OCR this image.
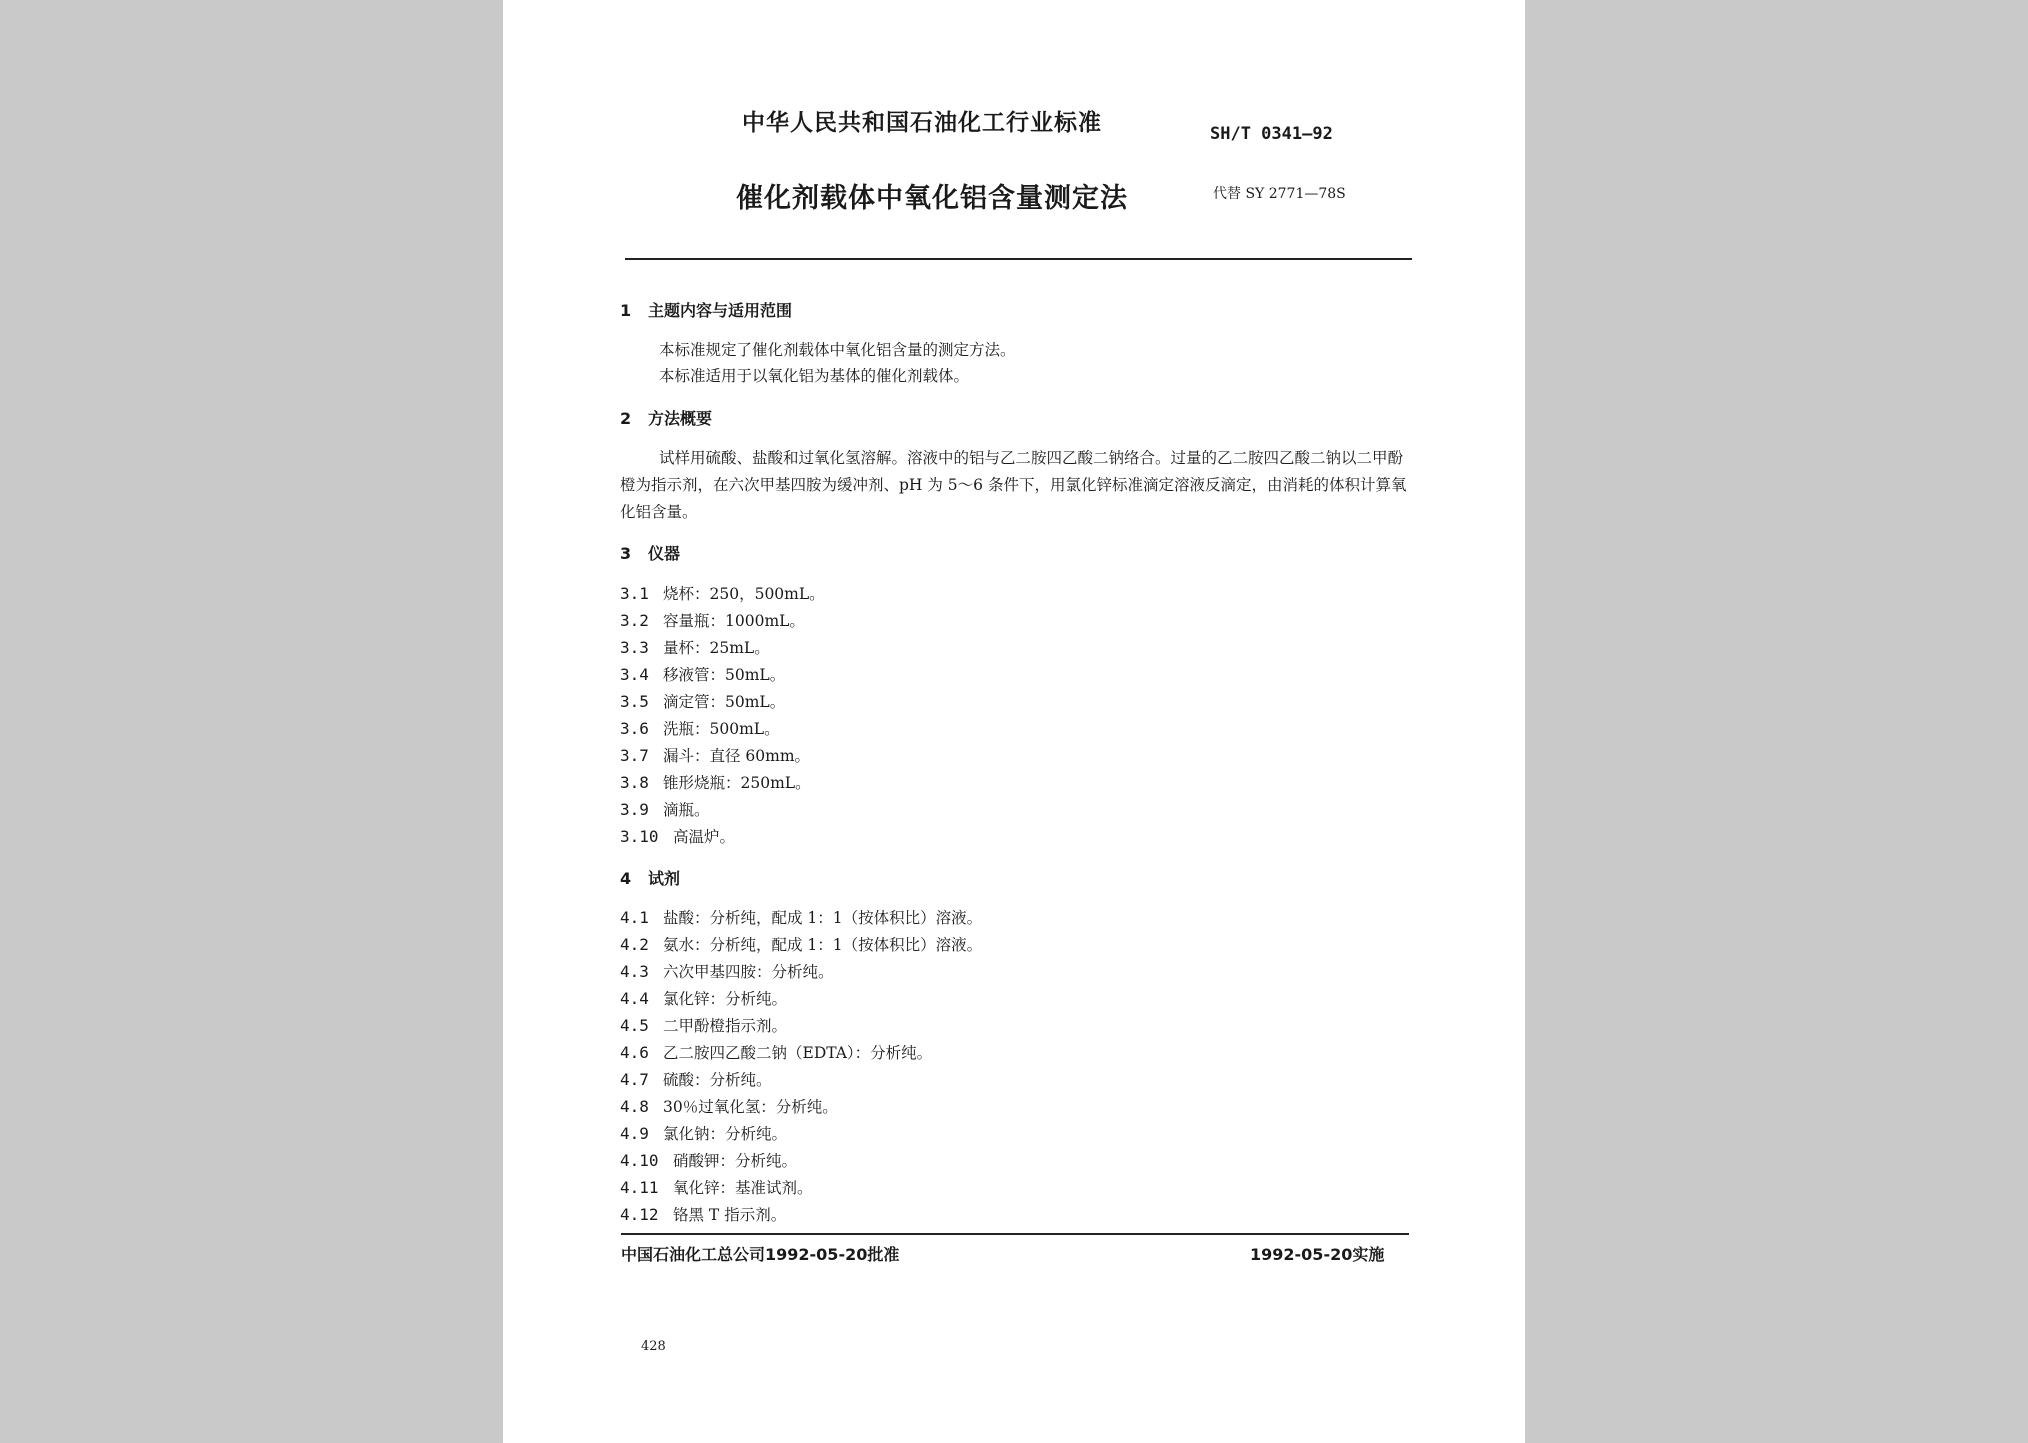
中华人民共和国石油化工行业标准	SH/T 0341—92
催化剂载体中氧化铝含量测定法	代替 SY 2771—78S
1 主题内容与适用范围
本标准规定了催化剂载体中氧化铝含量的测定方法。
本标准适用于以氧化铝为基体的催化剂载体。
2 方法概要
试样用硫酸、盐酸和过氧化氢溶解。溶液中的铝与乙二胺四乙酸二钠络合。过量的乙二胺四乙酸二钠以二甲酚橙为指示剂，在六次甲基四胺为缓冲剂、pH 为 5～6 条件下，用氯化锌标准滴定溶液反滴定，由消耗的体积计算氧化铝含量。
3 仪器
3.1 烧杯：250，500mL。
3.2 容量瓶：1000mL。
3.3 量杯：25mL。
3.4 移液管：50mL。
3.5 滴定管：50mL。
3.6 洗瓶：500mL。
3.7 漏斗：直径 60mm。
3.8 锥形烧瓶：250mL。
3.9 滴瓶。
3.10 高温炉。
4 试剂
4.1 盐酸：分析纯，配成 1：1（按体积比）溶液。
4.2 氨水：分析纯，配成 1：1（按体积比）溶液。
4.3 六次甲基四胺：分析纯。
4.4 氯化锌：分析纯。
4.5 二甲酚橙指示剂。
4.6 乙二胺四乙酸二钠（EDTA）：分析纯。
4.7 硫酸：分析纯。
4.8 30％过氧化氢：分析纯。
4.9 氯化钠：分析纯。
4.10 硝酸钾：分析纯。
4.11 氧化锌：基准试剂。
4.12 铬黑 T 指示剂。
中国石油化工总公司1992-05-20批准	1992-05-20实施
428
